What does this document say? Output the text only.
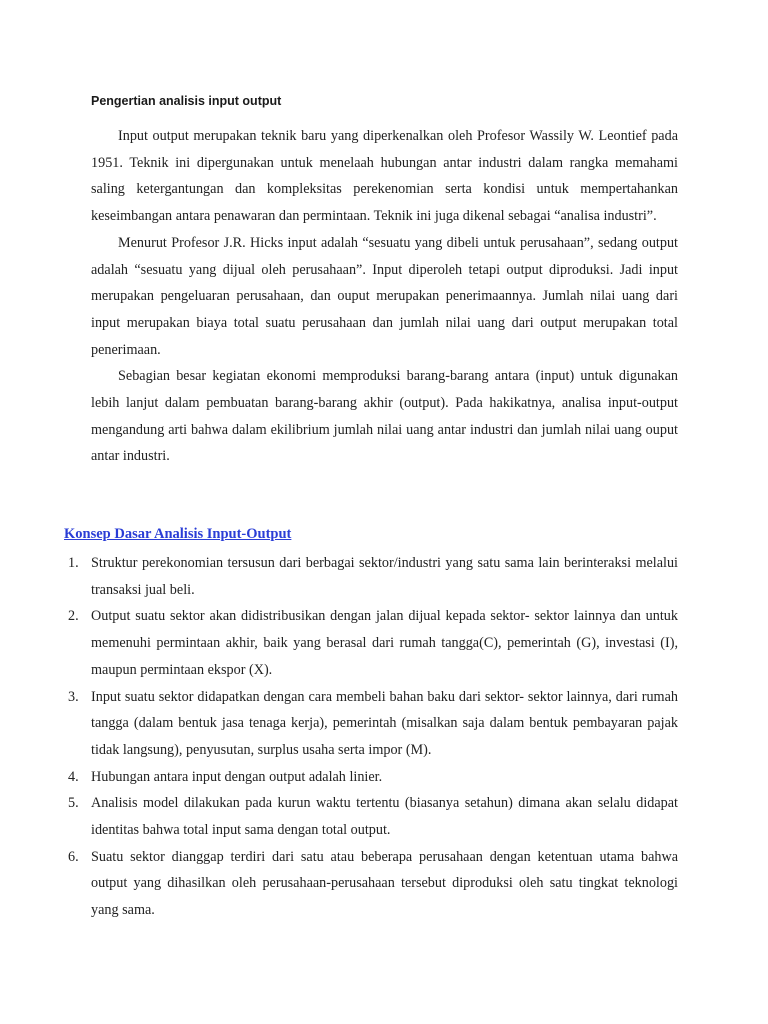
Pengertian analisis input output

Input output merupakan teknik baru yang diperkenalkan oleh Profesor Wassily W. Leontief pada 1951. Teknik ini dipergunakan untuk menelaah hubungan antar industri dalam rangka memahami saling ketergantungan dan kompleksitas perekenomian serta kondisi untuk mempertahankan keseimbangan antara penawaran dan permintaan. Teknik ini juga dikenal sebagai “analisa industri”.

Menurut Profesor J.R. Hicks input adalah “sesuatu yang dibeli untuk perusahaan”, sedang output adalah “sesuatu yang dijual oleh perusahaan”. Input diperoleh tetapi output diproduksi. Jadi input merupakan pengeluaran perusahaan, dan ouput merupakan penerimaannya. Jumlah nilai uang dari input merupakan biaya total suatu perusahaan dan jumlah nilai uang dari output merupakan total penerimaan.

Sebagian besar kegiatan ekonomi memproduksi barang-barang antara (input) untuk digunakan lebih lanjut dalam pembuatan barang-barang akhir (output). Pada hakikatnya, analisa input-output mengandung arti bahwa dalam ekilibrium jumlah nilai uang antar industri dan jumlah nilai uang ouput antar industri.

Konsep Dasar Analisis Input-Output
1. Struktur perekonomian tersusun dari berbagai sektor/industri yang satu sama lain berinteraksi melalui transaksi jual beli.
2. Output suatu sektor akan didistribusikan dengan jalan dijual kepada sektor- sektor lainnya dan untuk memenuhi permintaan akhir, baik yang berasal dari rumah tangga(C), pemerintah (G), investasi (I), maupun permintaan ekspor (X).
3. Input suatu sektor didapatkan dengan cara membeli bahan baku dari sektor- sektor lainnya, dari rumah tangga (dalam bentuk jasa tenaga kerja), pemerintah (misalkan saja dalam bentuk pembayaran pajak tidak langsung), penyusutan, surplus usaha serta impor (M).
4. Hubungan antara input dengan output adalah linier.
5. Analisis model dilakukan pada kurun waktu tertentu (biasanya setahun) dimana akan selalu didapat identitas bahwa total input sama dengan total output.
6. Suatu sektor dianggap terdiri dari satu atau beberapa perusahaan dengan ketentuan utama bahwa output yang dihasilkan oleh perusahaan-perusahaan tersebut diproduksi oleh satu tingkat teknologi yang sama.
